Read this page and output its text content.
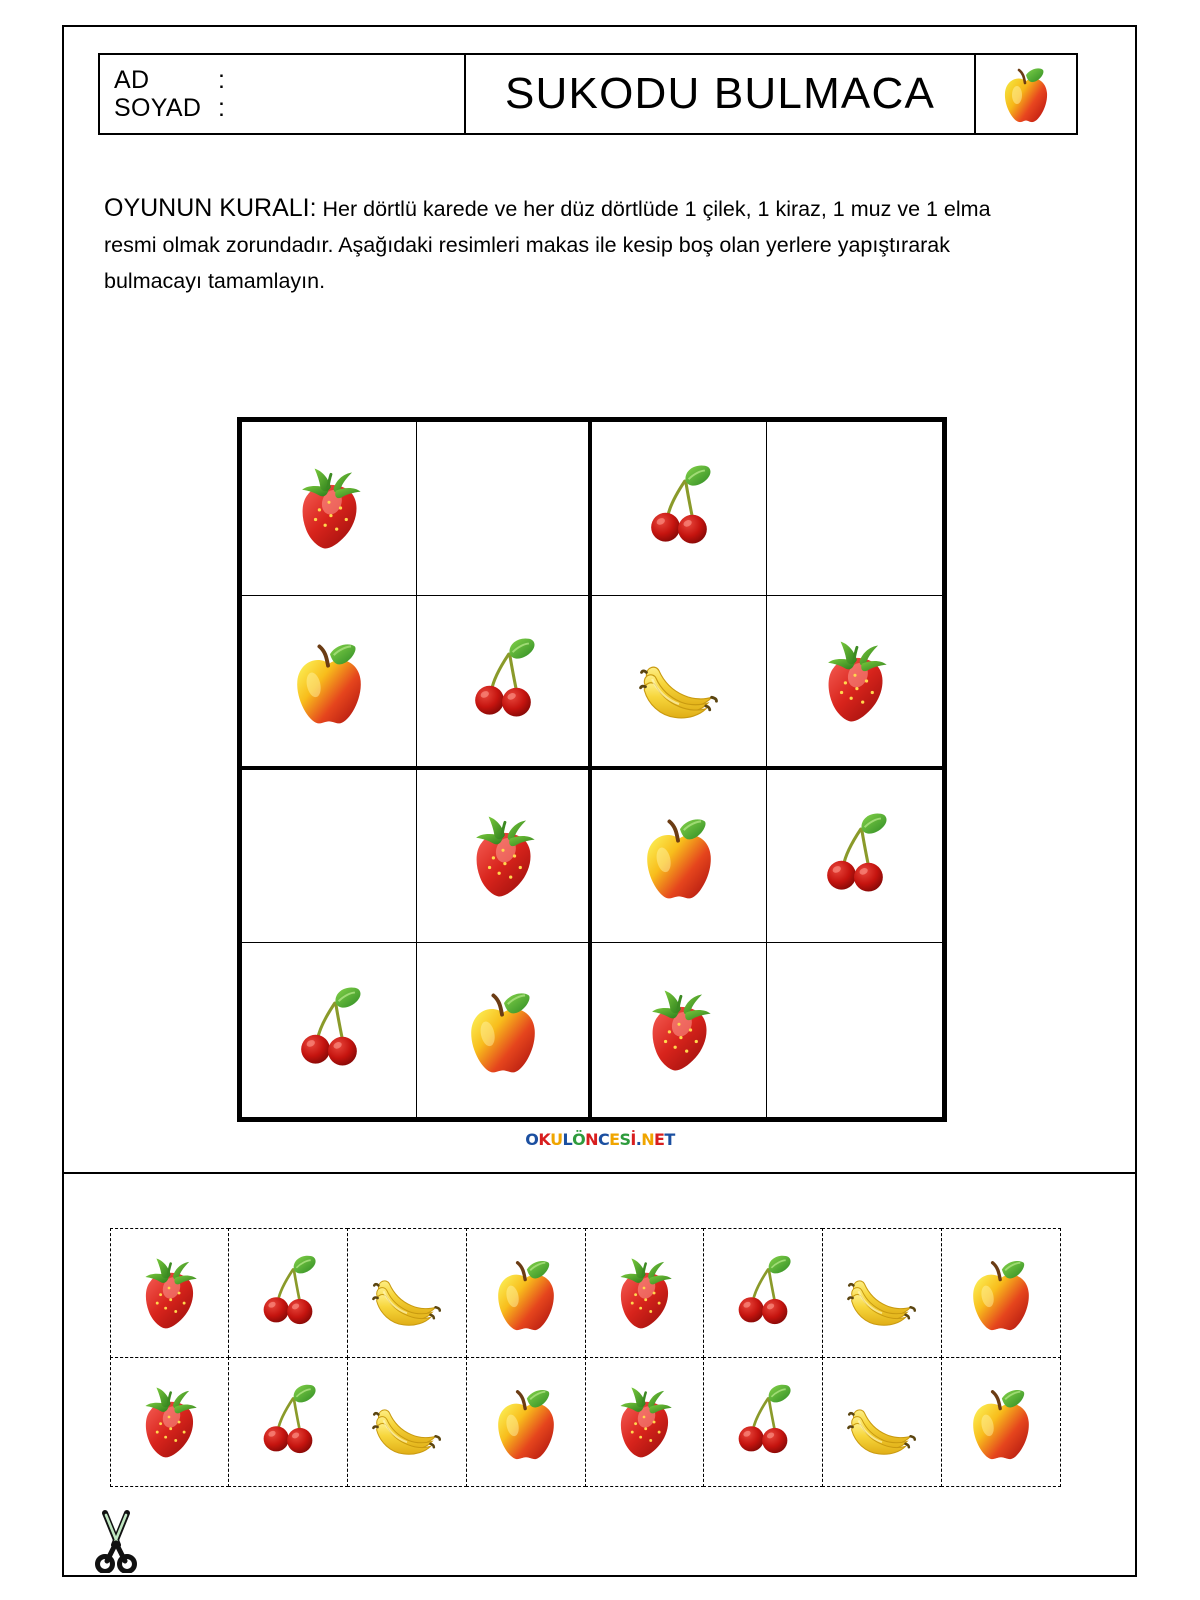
AD	:
SOYAD :	SUKODU BULMACA

OYUNUN KURALI: Her dörtlü karede ve her düz dörtlüde 1 çilek, 1 kiraz, 1 muz ve 1 elma resmi olmak zorundadır. Aşağıdaki resimleri makas ile kesip boş olan yerlere yapıştırarak bulmacayı tamamlayın.

OKULÖNCESİ.NET
